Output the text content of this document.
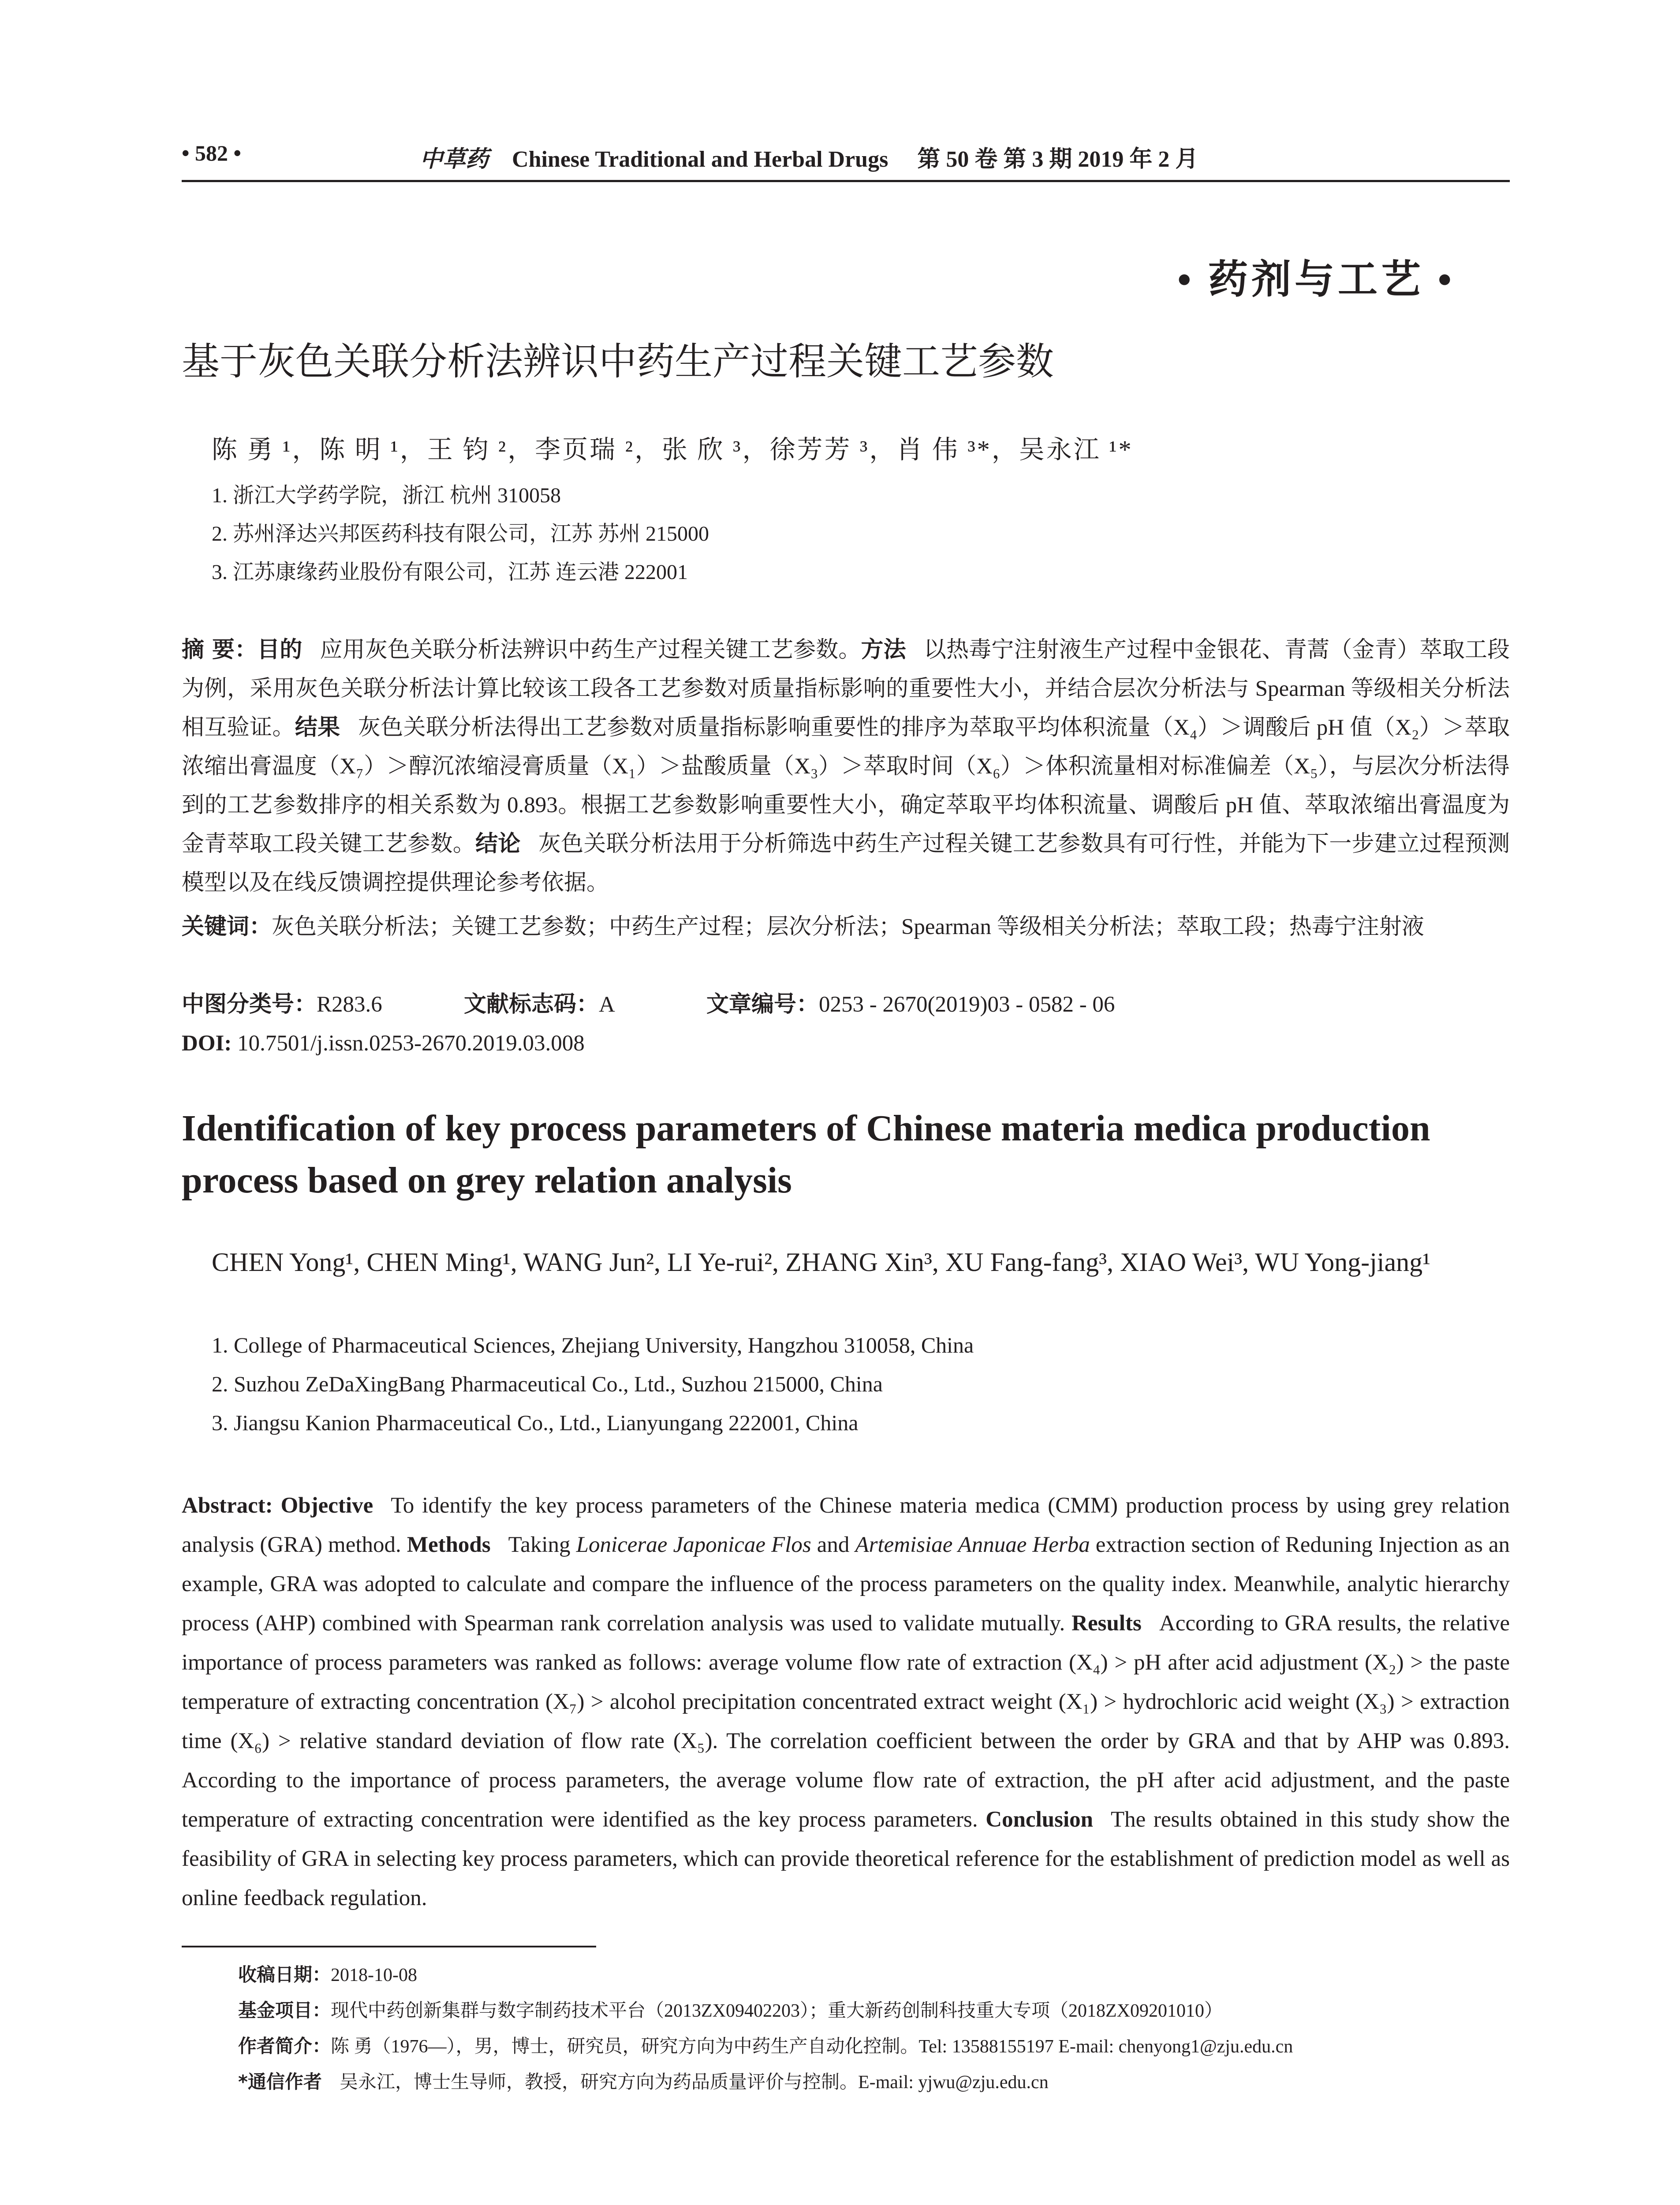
• 582 •	中草药 Chinese Traditional and Herbal Drugs 第 50 卷 第 3 期 2019 年 2 月
• 药剂与工艺 •
基于灰色关联分析法辨识中药生产过程关键工艺参数
陈 勇 ¹，陈 明 ¹，王 钧 ²，李页瑞 ²，张 欣 ³，徐芳芳 ³，肖 伟 ³*，吴永江 ¹*
1. 浙江大学药学院，浙江 杭州 310058
2. 苏州泽达兴邦医药科技有限公司，江苏 苏州 215000
3. 江苏康缘药业股份有限公司，江苏 连云港 222001
摘 要：目的 应用灰色关联分析法辨识中药生产过程关键工艺参数。方法 以热毒宁注射液生产过程中金银花、青蒿（金青）萃取工段为例，采用灰色关联分析法计算比较该工段各工艺参数对质量指标影响的重要性大小，并结合层次分析法与 Spearman 等级相关分析法相互验证。结果 灰色关联分析法得出工艺参数对质量指标影响重要性的排序为萃取平均体积流量（X₄）＞调酸后 pH 值（X₂）＞萃取浓缩出膏温度（X₇）＞醇沉浓缩浸膏质量（X₁）＞盐酸质量（X₃）＞萃取时间（X₆）＞体积流量相对标准偏差（X₅），与层次分析法得到的工艺参数排序的相关系数为 0.893。根据工艺参数影响重要性大小，确定萃取平均体积流量、调酸后 pH 值、萃取浓缩出膏温度为金青萃取工段关键工艺参数。结论 灰色关联分析法用于分析筛选中药生产过程关键工艺参数具有可行性，并能为下一步建立过程预测模型以及在线反馈调控提供理论参考依据。
关键词：灰色关联分析法；关键工艺参数；中药生产过程；层次分析法；Spearman 等级相关分析法；萃取工段；热毒宁注射液
中图分类号：R283.6	文献标志码：A	文章编号：0253 - 2670(2019)03 - 0582 - 06
DOI: 10.7501/j.issn.0253-2670.2019.03.008
Identification of key process parameters of Chinese materia medica production process based on grey relation analysis
CHEN Yong¹, CHEN Ming¹, WANG Jun², LI Ye-rui², ZHANG Xin³, XU Fang-fang³, XIAO Wei³, WU Yong-jiang¹
1. College of Pharmaceutical Sciences, Zhejiang University, Hangzhou 310058, China
2. Suzhou ZeDaXingBang Pharmaceutical Co., Ltd., Suzhou 215000, China
3. Jiangsu Kanion Pharmaceutical Co., Ltd., Lianyungang 222001, China
Abstract: Objective To identify the key process parameters of the Chinese materia medica (CMM) production process by using grey relation analysis (GRA) method. Methods Taking Lonicerae Japonicae Flos and Artemisiae Annuae Herba extraction section of Reduning Injection as an example, GRA was adopted to calculate and compare the influence of the process parameters on the quality index. Meanwhile, analytic hierarchy process (AHP) combined with Spearman rank correlation analysis was used to validate mutually. Results According to GRA results, the relative importance of process parameters was ranked as follows: average volume flow rate of extraction (X₄) > pH after acid adjustment (X₂) > the paste temperature of extracting concentration (X₇) > alcohol precipitation concentrated extract weight (X₁) > hydrochloric acid weight (X₃) > extraction time (X₆) > relative standard deviation of flow rate (X₅). The correlation coefficient between the order by GRA and that by AHP was 0.893. According to the importance of process parameters, the average volume flow rate of extraction, the pH after acid adjustment, and the paste temperature of extracting concentration were identified as the key process parameters. Conclusion The results obtained in this study show the feasibility of GRA in selecting key process parameters, which can provide theoretical reference for the establishment of prediction model as well as online feedback regulation.
收稿日期：2018-10-08
基金项目：现代中药创新集群与数字制药技术平台（2013ZX09402203）；重大新药创制科技重大专项（2018ZX09201010）
作者简介：陈 勇（1976—），男，博士，研究员，研究方向为中药生产自动化控制。Tel: 13588155197 E-mail: chenyong1@zju.edu.cn
*通信作者 吴永江，博士生导师，教授，研究方向为药品质量评价与控制。E-mail: yjwu@zju.edu.cn
